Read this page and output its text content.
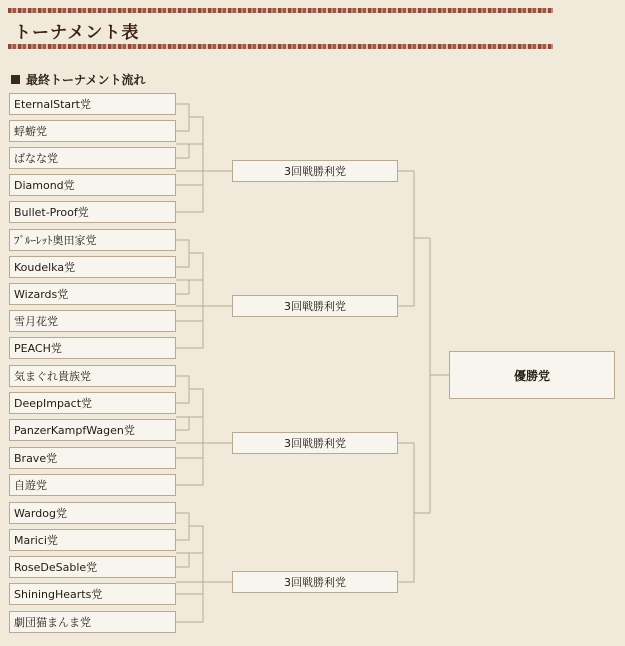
トーナメント表
最終トーナメント流れ
EternalStart党
蜉蝣党
ばなな党
Diamond党
Bullet-Proof党
ﾌﾞﾙｰﾚｯﾄ奥田家党
Koudelka党
Wizards党
雪月花党
PEACH党
気まぐれ貴族党
DeepImpact党
PanzerKampfWagen党
Brave党
自遊党
Wardog党
Marici党
RoseDeSable党
ShiningHearts党
劇団猫まんま党
3回戦勝利党
3回戦勝利党
3回戦勝利党
3回戦勝利党
優勝党
